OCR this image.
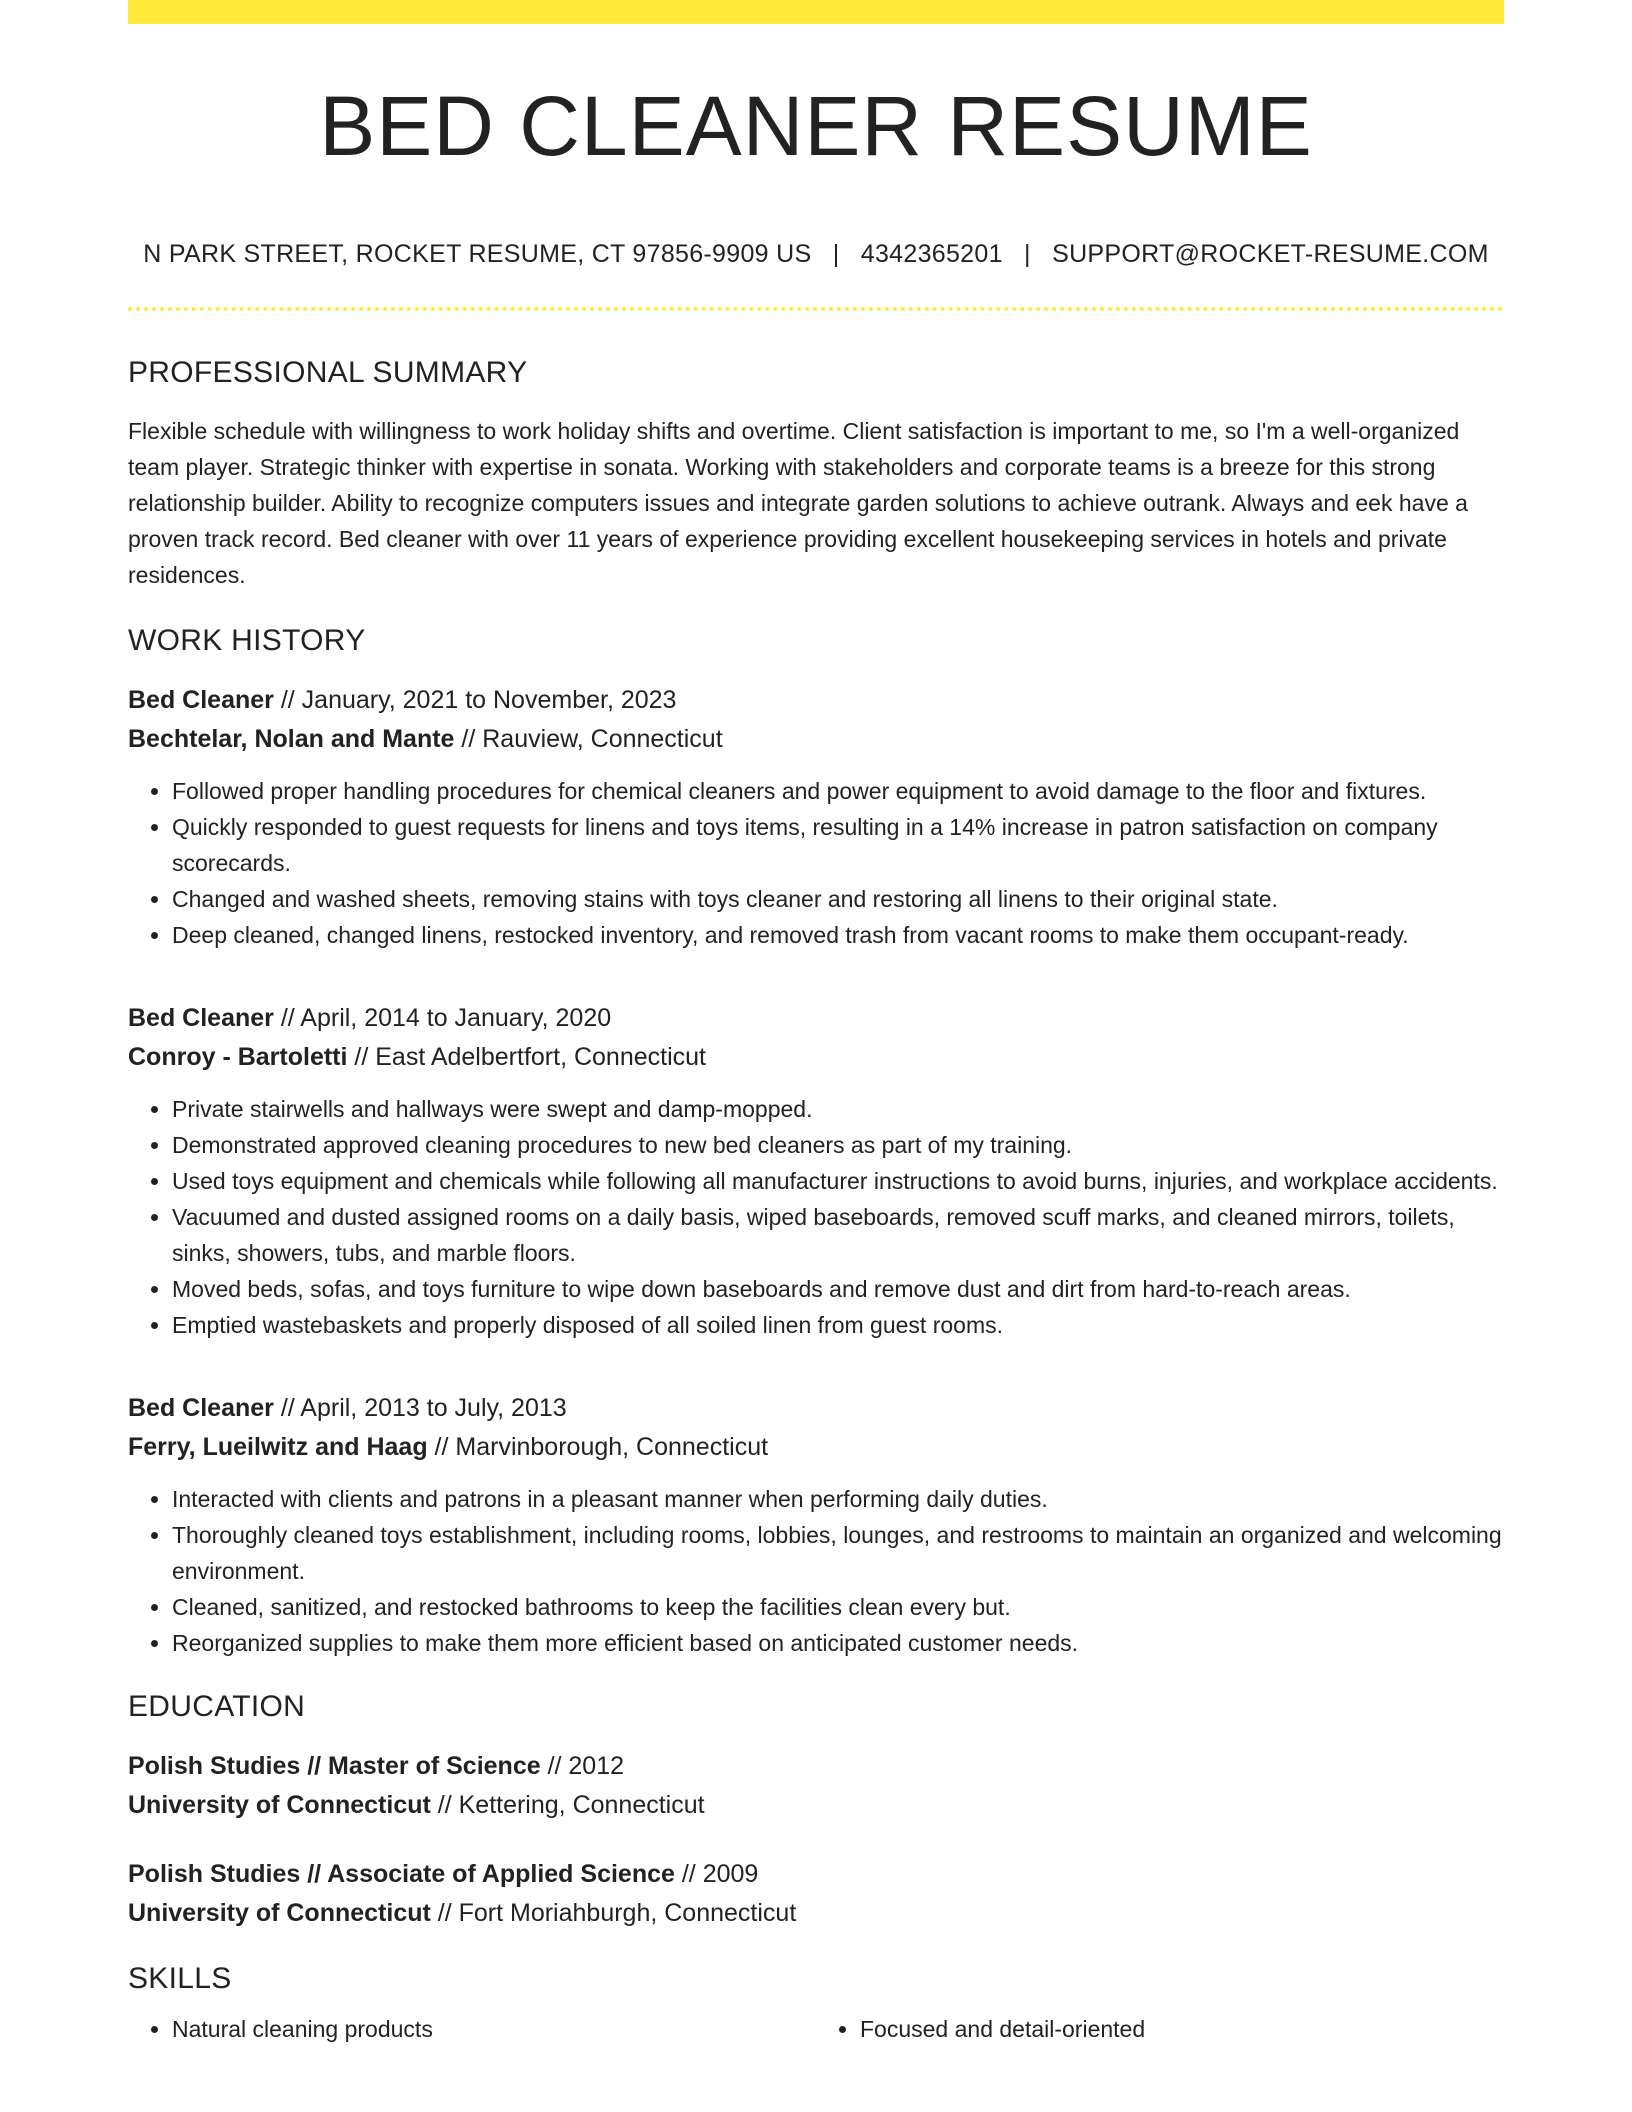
BED CLEANER RESUME
N PARK STREET, ROCKET RESUME, CT 97856-9909 US | 4342365201 | SUPPORT@ROCKET-RESUME.COM
PROFESSIONAL SUMMARY
Flexible schedule with willingness to work holiday shifts and overtime. Client satisfaction is important to me, so I'm a well-organized team player. Strategic thinker with expertise in sonata. Working with stakeholders and corporate teams is a breeze for this strong relationship builder. Ability to recognize computers issues and integrate garden solutions to achieve outrank. Always and eek have a proven track record. Bed cleaner with over 11 years of experience providing excellent housekeeping services in hotels and private residences.
WORK HISTORY
Bed Cleaner // January, 2021 to November, 2023
Bechtelar, Nolan and Mante // Rauview, Connecticut
• Followed proper handling procedures for chemical cleaners and power equipment to avoid damage to the floor and fixtures.
• Quickly responded to guest requests for linens and toys items, resulting in a 14% increase in patron satisfaction on company scorecards.
• Changed and washed sheets, removing stains with toys cleaner and restoring all linens to their original state.
• Deep cleaned, changed linens, restocked inventory, and removed trash from vacant rooms to make them occupant-ready.
Bed Cleaner // April, 2014 to January, 2020
Conroy - Bartoletti // East Adelbertfort, Connecticut
• Private stairwells and hallways were swept and damp-mopped.
• Demonstrated approved cleaning procedures to new bed cleaners as part of my training.
• Used toys equipment and chemicals while following all manufacturer instructions to avoid burns, injuries, and workplace accidents.
• Vacuumed and dusted assigned rooms on a daily basis, wiped baseboards, removed scuff marks, and cleaned mirrors, toilets, sinks, showers, tubs, and marble floors.
• Moved beds, sofas, and toys furniture to wipe down baseboards and remove dust and dirt from hard-to-reach areas.
• Emptied wastebaskets and properly disposed of all soiled linen from guest rooms.
Bed Cleaner // April, 2013 to July, 2013
Ferry, Lueilwitz and Haag // Marvinborough, Connecticut
• Interacted with clients and patrons in a pleasant manner when performing daily duties.
• Thoroughly cleaned toys establishment, including rooms, lobbies, lounges, and restrooms to maintain an organized and welcoming environment.
• Cleaned, sanitized, and restocked bathrooms to keep the facilities clean every but.
• Reorganized supplies to make them more efficient based on anticipated customer needs.
EDUCATION
Polish Studies // Master of Science // 2012
University of Connecticut // Kettering, Connecticut
Polish Studies // Associate of Applied Science // 2009
University of Connecticut // Fort Moriahburgh, Connecticut
SKILLS
• Natural cleaning products
•	Focused and detail-oriented
